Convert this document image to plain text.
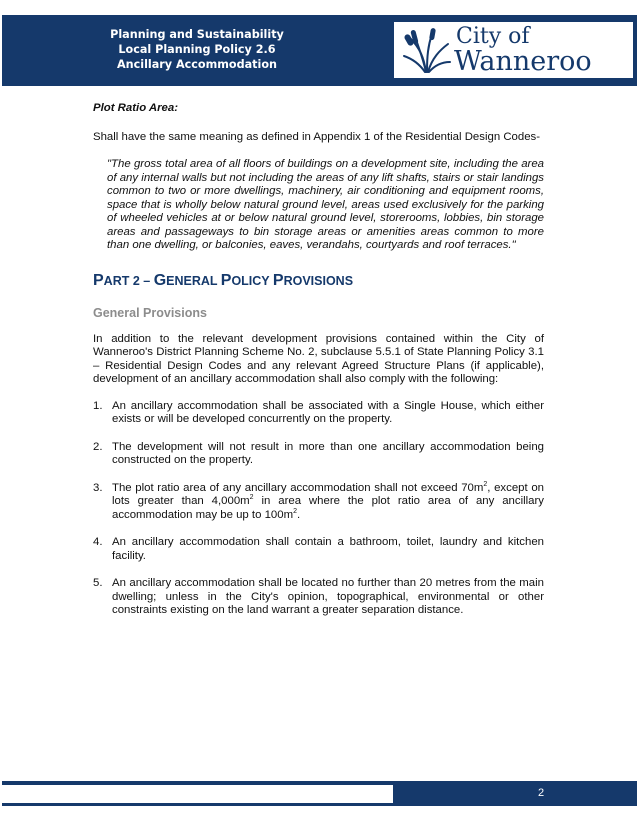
Planning and Sustainability
Local Planning Policy 2.6
Ancillary Accommodation
City of
Wanneroo
Plot Ratio Area:

Shall have the same meaning as defined in Appendix 1 of the Residential Design Codes-

"The gross total area of all floors of buildings on a development site, including the area of any internal walls but not including the areas of any lift shafts, stairs or stair landings common to two or more dwellings, machinery, air conditioning and equipment rooms, space that is wholly below natural ground level, areas used exclusively for the parking of wheeled vehicles at or below natural ground level, storerooms, lobbies, bin storage areas and passageways to bin storage areas or amenities areas common to more than one dwelling, or balconies, eaves, verandahs, courtyards and roof terraces."
PART 2 – GENERAL POLICY PROVISIONS
General Provisions

In addition to the relevant development provisions contained within the City of Wanneroo's District Planning Scheme No. 2, subclause 5.5.1 of State Planning Policy 3.1 – Residential Design Codes and any relevant Agreed Structure Plans (if applicable), development of an ancillary accommodation shall also comply with the following:

1. An ancillary accommodation shall be associated with a Single House, which either exists or will be developed concurrently on the property.
2. The development will not result in more than one ancillary accommodation being constructed on the property.
3. The plot ratio area of any ancillary accommodation shall not exceed $70m^2$, except on lots greater than $4,000m^2$ in area where the plot ratio area of any ancillary accommodation may be up to $100m^2$.
4. An ancillary accommodation shall contain a bathroom, toilet, laundry and kitchen facility.
5. An ancillary accommodation shall be located no further than 20 metres from the main dwelling; unless in the City's opinion, topographical, environmental or other constraints existing on the land warrant a greater separation distance.
2
